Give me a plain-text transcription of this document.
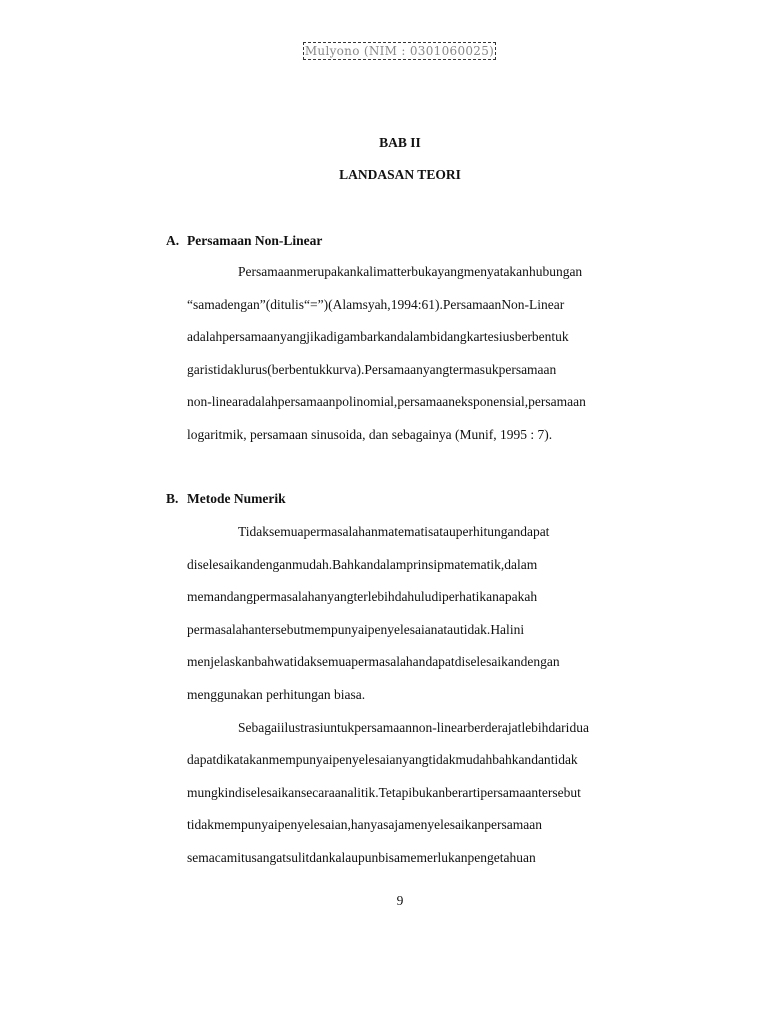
Mulyono (NIM : 0301060025)
BAB II
LANDASAN TEORI
A. Persamaan Non-Linear
Persamaanmerupakankalimatterbukayangmenyatakanhubungan
“samadengan”(ditulis“=”)(Alamsyah,1994:61).PersamaanNon-Linear
adalahpersamaanyangjikadigambarkandalambidangkartesiusberbentuk
garistidaklurus(berbentukkurva).Persamaanyangtermasukpersamaan
non-linearadalahpersamaanpolinomial,persamaaneksponensial,persamaan
logaritmik, persamaan sinusoida, dan sebagainya (Munif, 1995 : 7).
B. Metode Numerik
Tidaksemuapermasalahanmatematisatauperhitungandapat
diselesaikandenganmudah.Bahkandalamprinsipmatematik,dalam
memandangpermasalahanyangterlebihdahuludiperhatikanapakah
permasalahantersebutmempunyaipenyelesaianatautidak.Halini
menjelaskanbahwatidaksemuapermasalahandapatdiselesaikandengan
menggunakan perhitungan biasa.
Sebagaiilustrasiuntukpersamaannon-linearberderajatlebihdaridua
dapatdikatakanmempunyaipenyelesaianyangtidakmudahbahkandantidak
mungkindiselesaikansecaraanalitik.Tetapibukanberartipersamaantersebut
tidakmempunyaipenyelesaian,hanyasajamenyelesaikanpersamaan
semacamitusangatsulitdankalaupunbisamemerlukanpengetahuan
9
